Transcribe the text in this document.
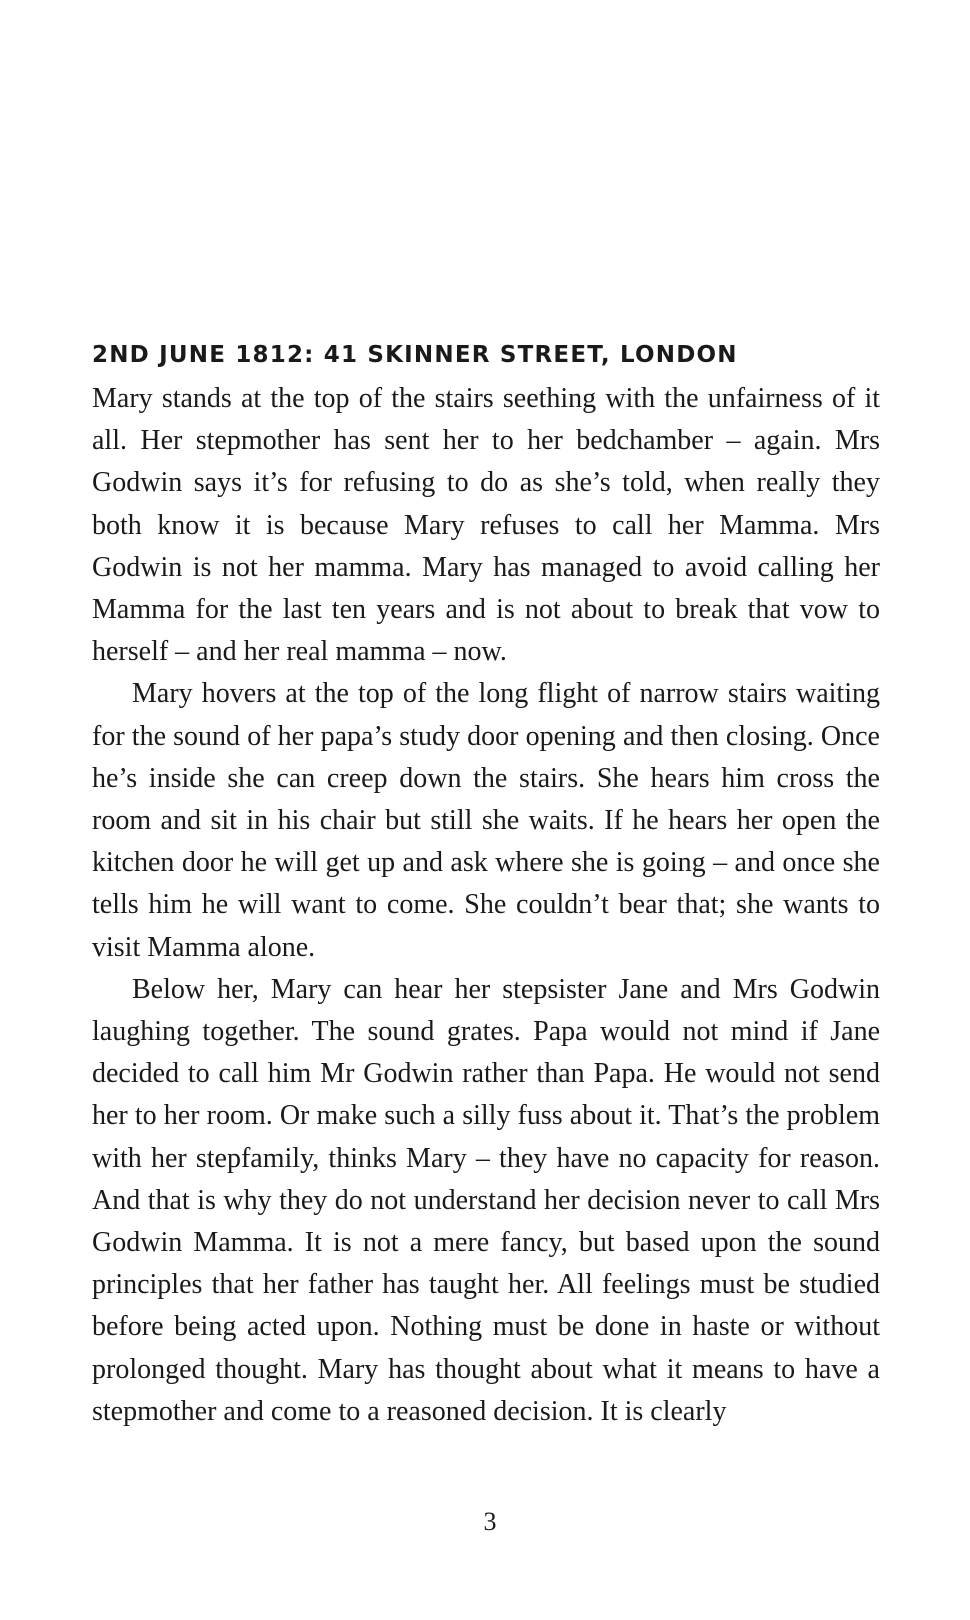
2ND JUNE 1812: 41 SKINNER STREET, LONDON

Mary stands at the top of the stairs seething with the unfairness of it all. Her stepmother has sent her to her bedchamber – again. Mrs Godwin says it’s for refusing to do as she’s told, when really they both know it is because Mary refuses to call her Mamma. Mrs Godwin is not her mamma. Mary has managed to avoid calling her Mamma for the last ten years and is not about to break that vow to herself – and her real mamma – now.

Mary hovers at the top of the long flight of narrow stairs waiting for the sound of her papa’s study door opening and then closing. Once he’s inside she can creep down the stairs. She hears him cross the room and sit in his chair but still she waits. If he hears her open the kitchen door he will get up and ask where she is going – and once she tells him he will want to come. She couldn’t bear that; she wants to visit Mamma alone.

Below her, Mary can hear her stepsister Jane and Mrs Godwin laughing together. The sound grates. Papa would not mind if Jane decided to call him Mr Godwin rather than Papa. He would not send her to her room. Or make such a silly fuss about it. That’s the problem with her stepfamily, thinks Mary – they have no capacity for reason. And that is why they do not understand her decision never to call Mrs Godwin Mamma. It is not a mere fancy, but based upon the sound principles that her father has taught her. All feelings must be studied before being acted upon. Nothing must be done in haste or without prolonged thought. Mary has thought about what it means to have a stepmother and come to a reasoned decision. It is clearly

3
